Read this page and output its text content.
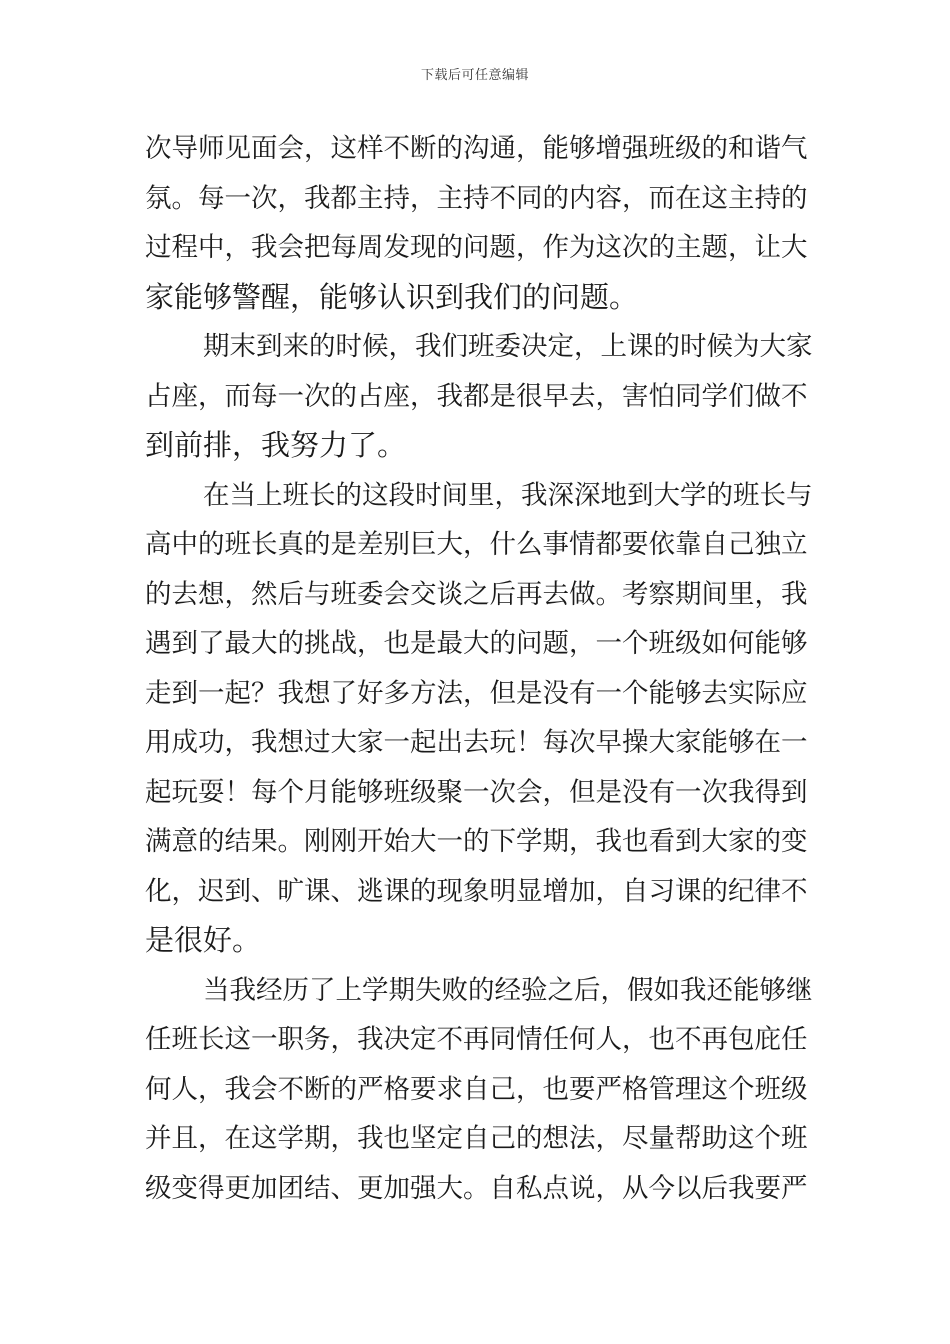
下载后可任意编辑
次导师见面会，这样不断的沟通，能够增强班级的和谐气
氛。每一次，我都主持，主持不同的内容，而在这主持的
过程中，我会把每周发现的问题，作为这次的主题，让大
家能够警醒，能够认识到我们的问题。
期末到来的时候，我们班委决定，上课的时候为大家
占座，而每一次的占座，我都是很早去，害怕同学们做不
到前排，我努力了。
在当上班长的这段时间里，我深深地到大学的班长与
高中的班长真的是差别巨大，什么事情都要依靠自己独立
的去想，然后与班委会交谈之后再去做。考察期间里，我
遇到了最大的挑战，也是最大的问题，一个班级如何能够
走到一起？我想了好多方法，但是没有一个能够去实际应
用成功，我想过大家一起出去玩！每次早操大家能够在一
起玩耍！每个月能够班级聚一次会，但是没有一次我得到
满意的结果。刚刚开始大一的下学期，我也看到大家的变
化，迟到、旷课、逃课的现象明显增加，自习课的纪律不
是很好。
当我经历了上学期失败的经验之后，假如我还能够继
任班长这一职务，我决定不再同情任何人，也不再包庇任
何人，我会不断的严格要求自己，也要严格管理这个班级
并且，在这学期，我也坚定自己的想法，尽量帮助这个班
级变得更加团结、更加强大。自私点说，从今以后我要严
